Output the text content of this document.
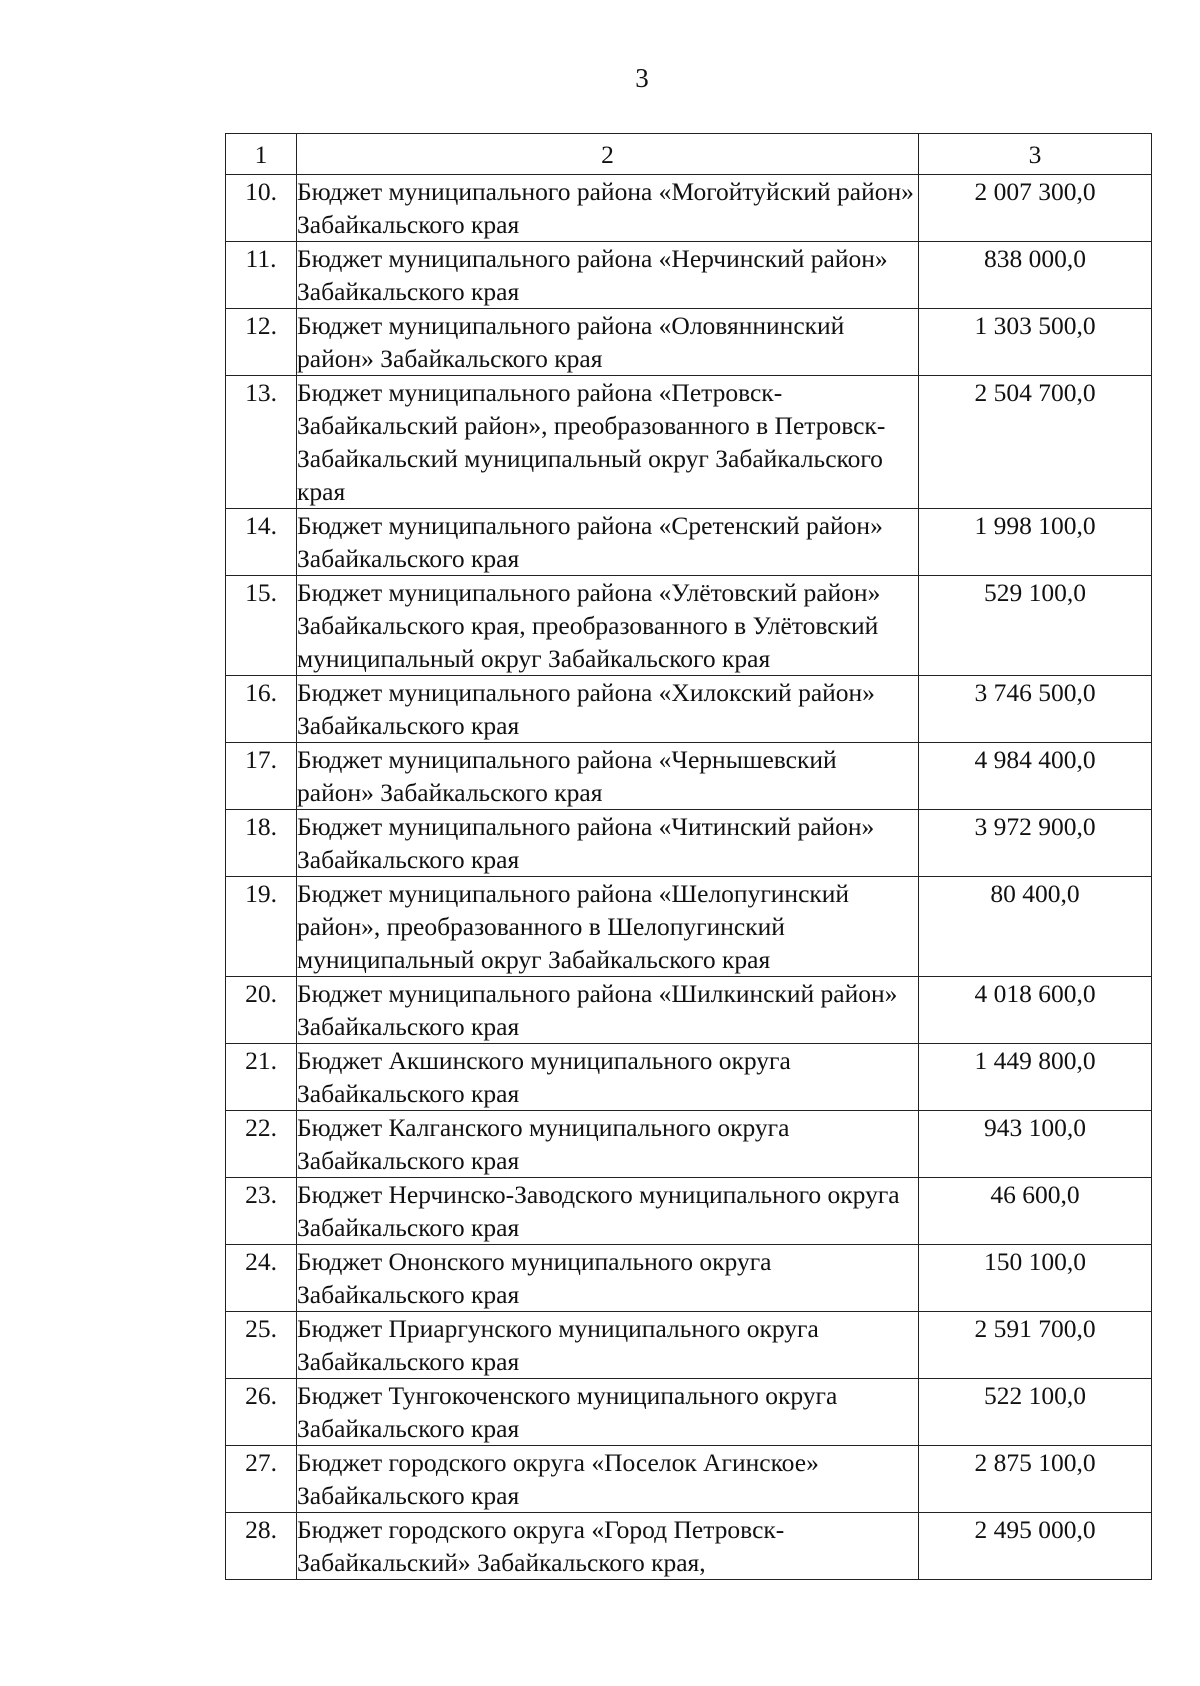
3
1	2	3
10.	Бюджет муниципального района «Могойтуйский район» Забайкальского края	2 007 300,0
11.	Бюджет муниципального района «Нерчинский район» Забайкальского края	838 000,0
12.	Бюджет муниципального района «Оловяннинский район» Забайкальского края	1 303 500,0
13.	Бюджет муниципального района «Петровск-Забайкальский район», преобразованного в Петровск-Забайкальский муниципальный округ Забайкальского края	2 504 700,0
14.	Бюджет муниципального района «Сретенский район» Забайкальского края	1 998 100,0
15.	Бюджет муниципального района «Улётовский район» Забайкальского края, преобразованного в Улётовский муниципальный округ Забайкальского края	529 100,0
16.	Бюджет муниципального района «Хилокский район» Забайкальского края	3 746 500,0
17.	Бюджет муниципального района «Чернышевский район» Забайкальского края	4 984 400,0
18.	Бюджет муниципального района «Читинский район» Забайкальского края	3 972 900,0
19.	Бюджет муниципального района «Шелопугинский район», преобразованного в Шелопугинский муниципальный округ Забайкальского края	80 400,0
20.	Бюджет муниципального района «Шилкинский район» Забайкальского края	4 018 600,0
21.	Бюджет Акшинского муниципального округа Забайкальского края	1 449 800,0
22.	Бюджет Калганского муниципального округа Забайкальского края	943 100,0
23.	Бюджет Нерчинско-Заводского муниципального округа Забайкальского края	46 600,0
24.	Бюджет Ононского муниципального округа Забайкальского края	150 100,0
25.	Бюджет Приаргунского муниципального округа Забайкальского края	2 591 700,0
26.	Бюджет Тунгокоченского муниципального округа Забайкальского края	522 100,0
27.	Бюджет городского округа «Поселок Агинское» Забайкальского края	2 875 100,0
28.	Бюджет городского округа «Город Петровск-Забайкальский» Забайкальского края,	2 495 000,0
